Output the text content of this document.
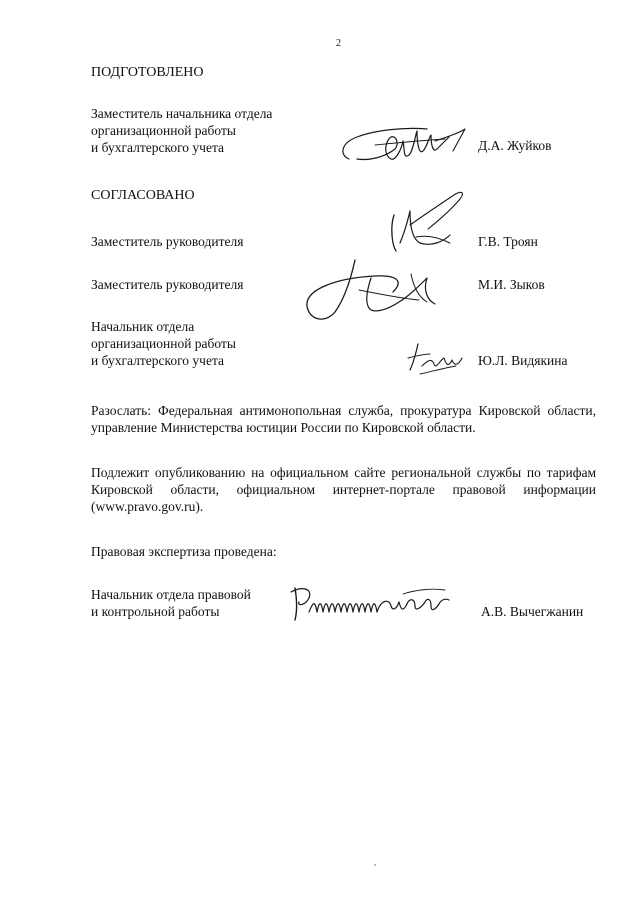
2
ПОДГОТОВЛЕНО
Заместитель начальника отдела
организационной работы
и бухгалтерского учета	Д.А. Жуйков
СОГЛАСОВАНО
Заместитель руководителя	Г.В. Троян
Заместитель руководителя	М.И. Зыков
Начальник отдела
организационной работы
и бухгалтерского учета	Ю.Л. Видякина
Разослать: Федеральная антимонопольная служба, прокуратура Кировской области, управление Министерства юстиции России по Кировской области.
Подлежит опубликованию на официальном сайте региональной службы по тарифам Кировской области, официальном интернет-портале правовой информации (www.pravo.gov.ru).
Правовая экспертиза проведена:
Начальник отдела правовой
и контрольной работы	А.В. Вычегжанин
